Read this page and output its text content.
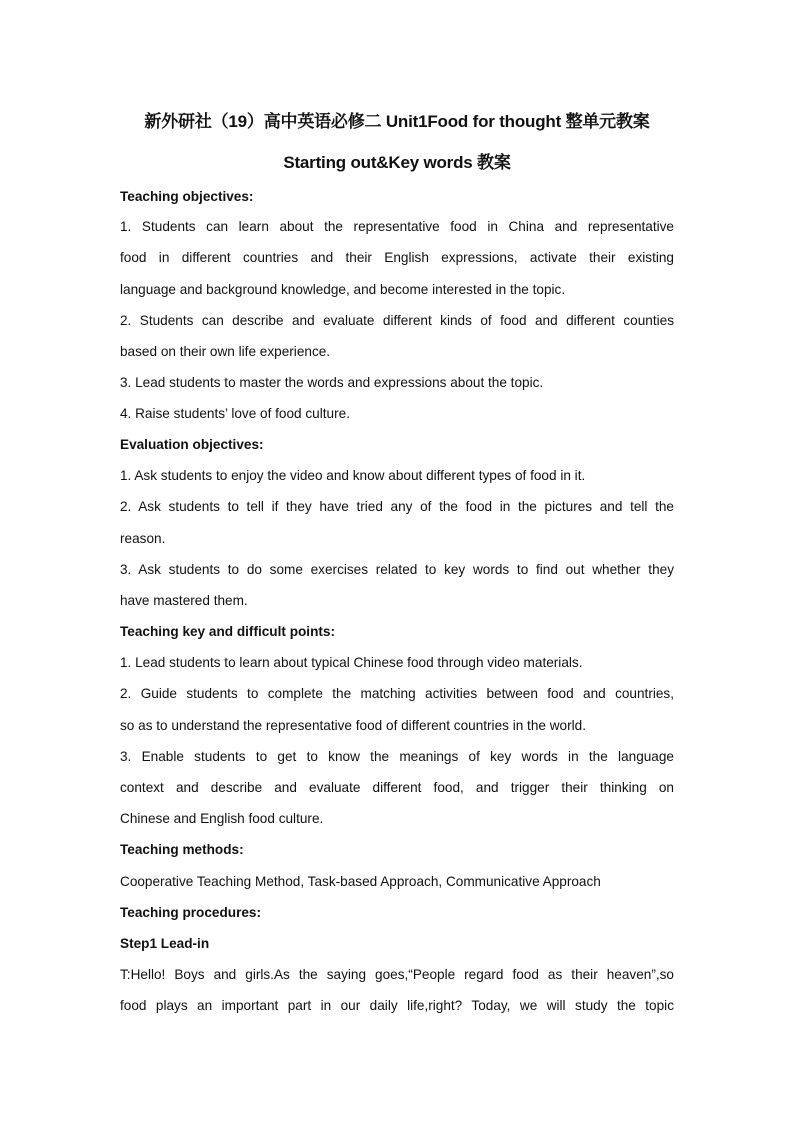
新外研社（19）高中英语必修二 Unit1Food for thought 整单元教案
Starting out&Key words 教案
Teaching objectives:
1. Students can learn about the representative food in China and representative
food in different countries and their English expressions, activate their existing
language and background knowledge, and become interested in the topic.
2. Students can describe and evaluate different kinds of food and different counties
based on their own life experience.
3. Lead students to master the words and expressions about the topic.
4. Raise students’ love of food culture.
Evaluation objectives:
1. Ask students to enjoy the video and know about different types of food in it.
2. Ask students to tell if they have tried any of the food in the pictures and tell the
reason.
3. Ask students to do some exercises related to key words to find out whether they
have mastered them.
Teaching key and difficult points:
1. Lead students to learn about typical Chinese food through video materials.
2. Guide students to complete the matching activities between food and countries,
so as to understand the representative food of different countries in the world.
3. Enable students to get to know the meanings of key words in the language
context and describe and evaluate different food, and trigger their thinking on
Chinese and English food culture.
Teaching methods:
Cooperative Teaching Method, Task-based Approach, Communicative Approach
Teaching procedures:
Step1 Lead-in
T:Hello! Boys and girls.As the saying goes,“People regard food as their heaven”,so
food plays an important part in our daily life,right? Today, we will study the topic
